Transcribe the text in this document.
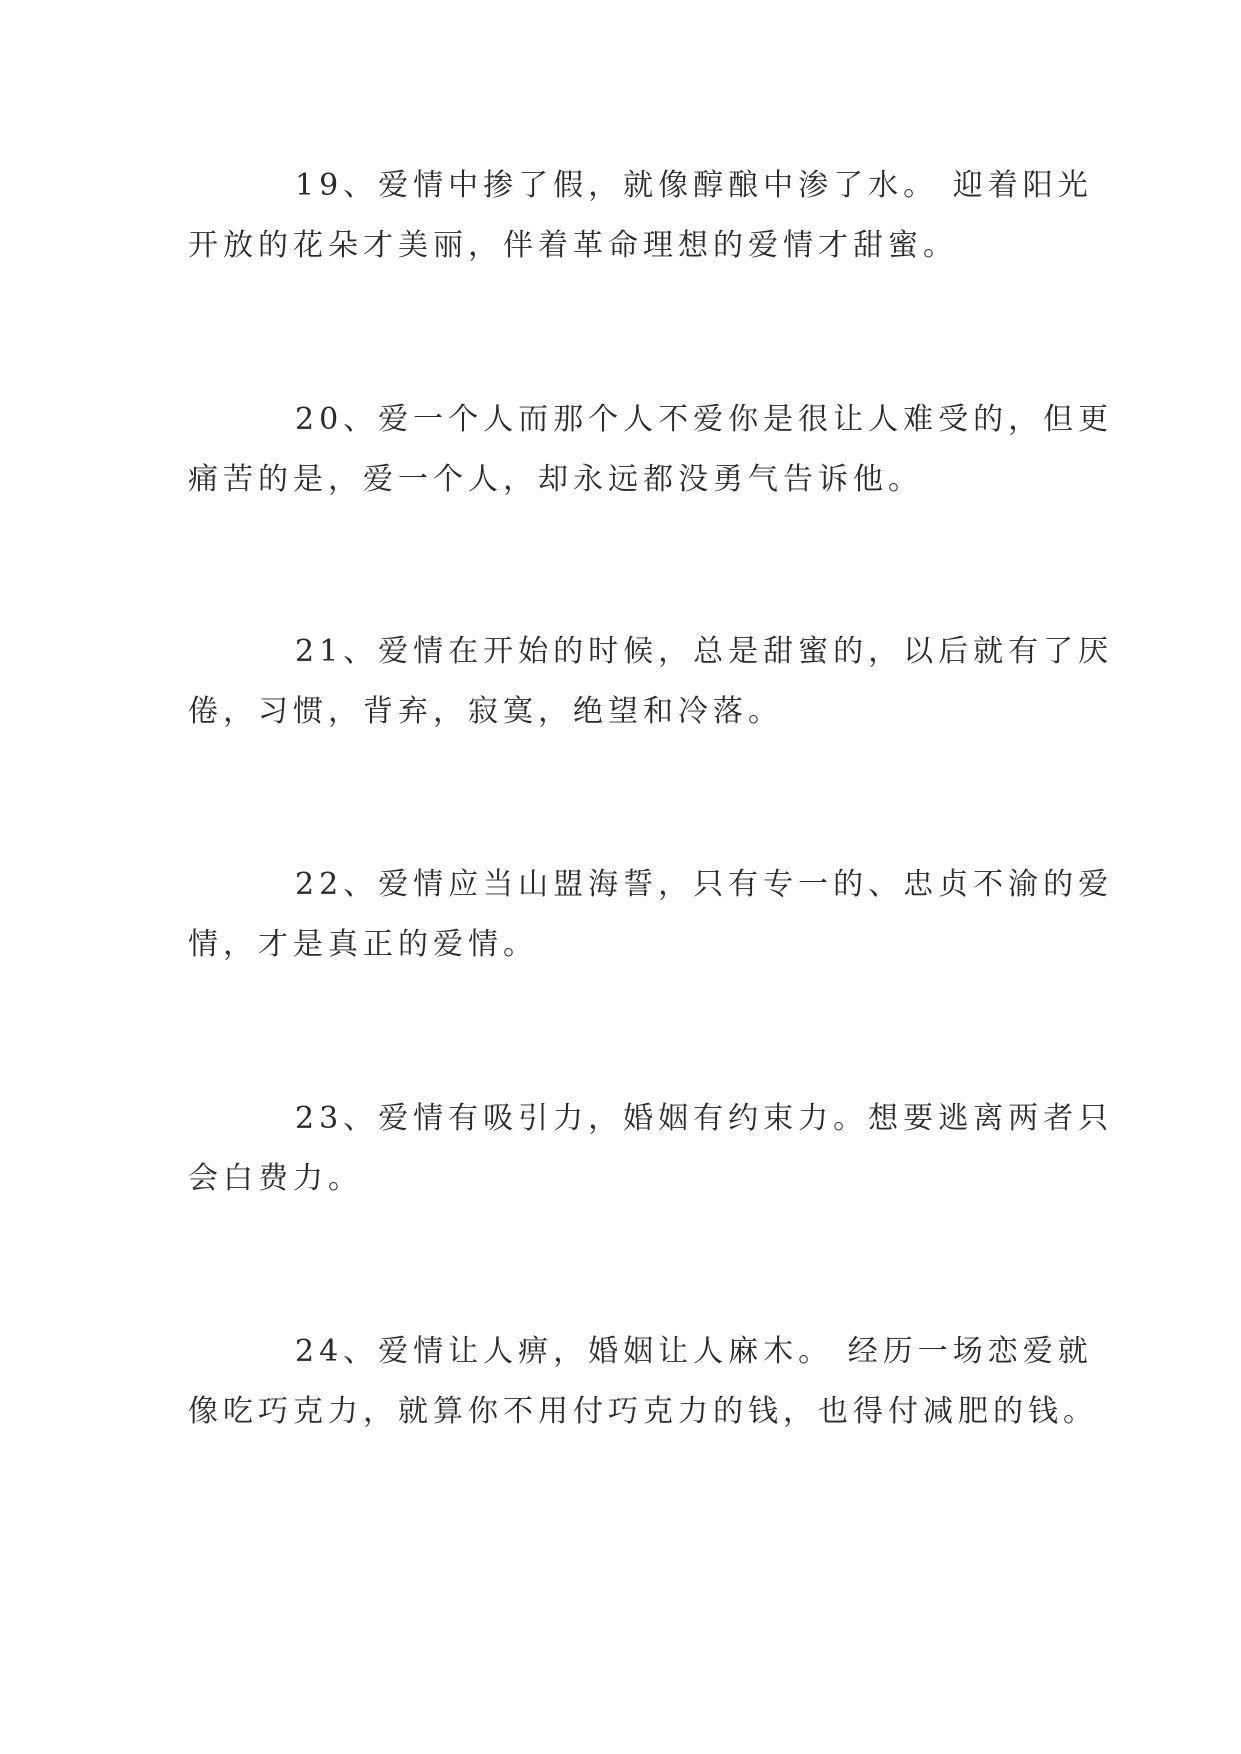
19、爱情中掺了假，就像醇酿中渗了水。 迎着阳光
开放的花朵才美丽，伴着革命理想的爱情才甜蜜。

20、爱一个人而那个人不爱你是很让人难受的，但更
痛苦的是，爱一个人，却永远都没勇气告诉他。

21、爱情在开始的时候，总是甜蜜的，以后就有了厌
倦，习惯，背弃，寂寞，绝望和冷落。

22、爱情应当山盟海誓，只有专一的、忠贞不渝的爱
情，才是真正的爱情。

23、爱情有吸引力，婚姻有约束力。想要逃离两者只
会白费力。

24、爱情让人痹，婚姻让人麻木。 经历一场恋爱就
像吃巧克力，就算你不用付巧克力的钱，也得付减肥的钱。
